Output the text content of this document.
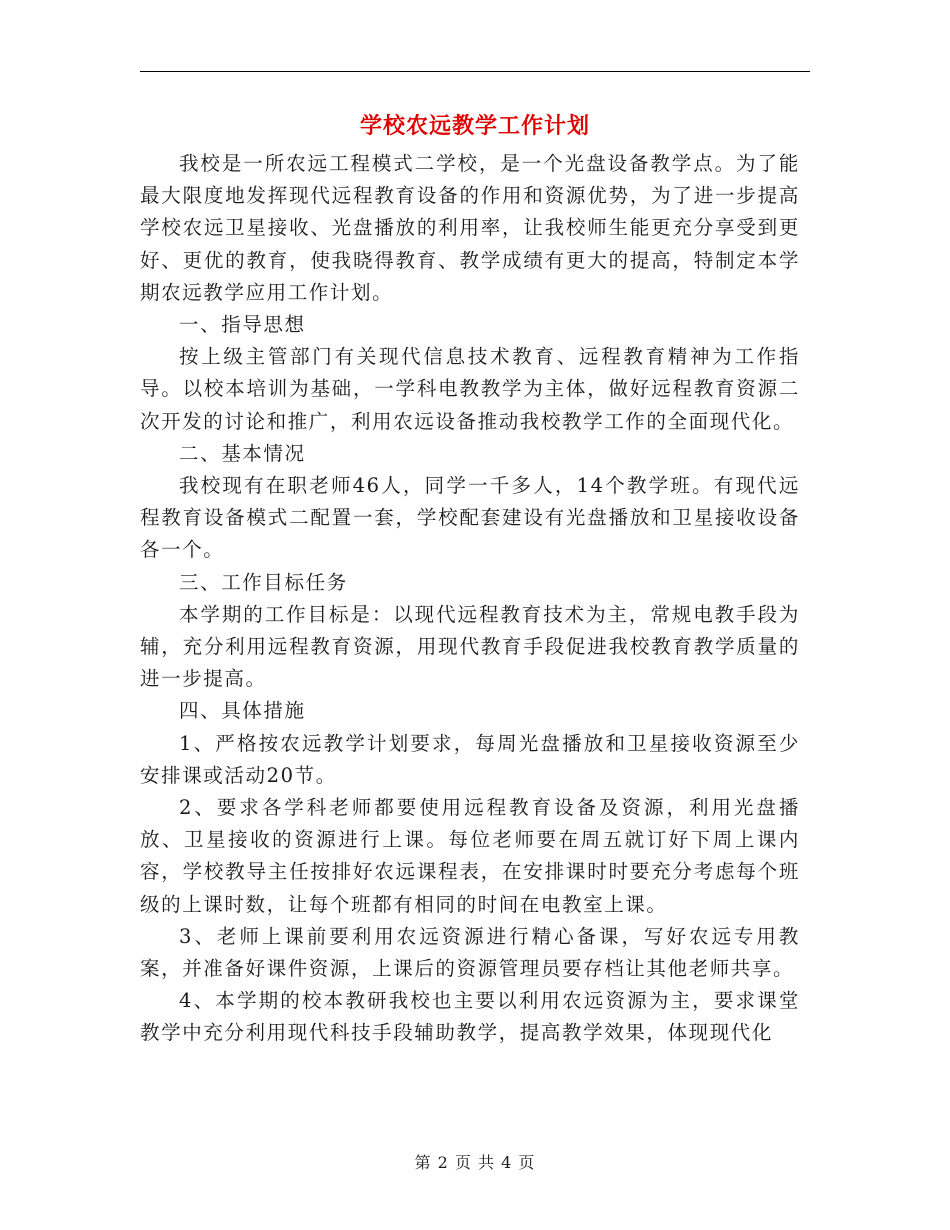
学校农远教学工作计划

我校是一所农远工程模式二学校，是一个光盘设备教学点。为了能最大限度地发挥现代远程教育设备的作用和资源优势，为了进一步提高学校农远卫星接收、光盘播放的利用率，让我校师生能更充分享受到更好、更优的教育，使我晓得教育、教学成绩有更大的提高，特制定本学期农远教学应用工作计划。

一、指导思想

按上级主管部门有关现代信息技术教育、远程教育精神为工作指导。以校本培训为基础，一学科电教教学为主体，做好远程教育资源二次开发的讨论和推广，利用农远设备推动我校教学工作的全面现代化。

二、基本情况

我校现有在职老师46人，同学一千多人，14个教学班。有现代远程教育设备模式二配置一套，学校配套建设有光盘播放和卫星接收设备各一个。

三、工作目标任务

本学期的工作目标是：以现代远程教育技术为主，常规电教手段为辅，充分利用远程教育资源，用现代教育手段促进我校教育教学质量的进一步提高。

四、具体措施

1、严格按农远教学计划要求，每周光盘播放和卫星接收资源至少安排课或活动20节。

2、要求各学科老师都要使用远程教育设备及资源，利用光盘播放、卫星接收的资源进行上课。每位老师要在周五就订好下周上课内容，学校教导主任按排好农远课程表，在安排课时时要充分考虑每个班级的上课时数，让每个班都有相同的时间在电教室上课。

3、老师上课前要利用农远资源进行精心备课，写好农远专用教案，并准备好课件资源，上课后的资源管理员要存档让其他老师共享。

4、本学期的校本教研我校也主要以利用农远资源为主，要求课堂教学中充分利用现代科技手段辅助教学，提高教学效果，体现现代化

第 2 页 共 4 页
